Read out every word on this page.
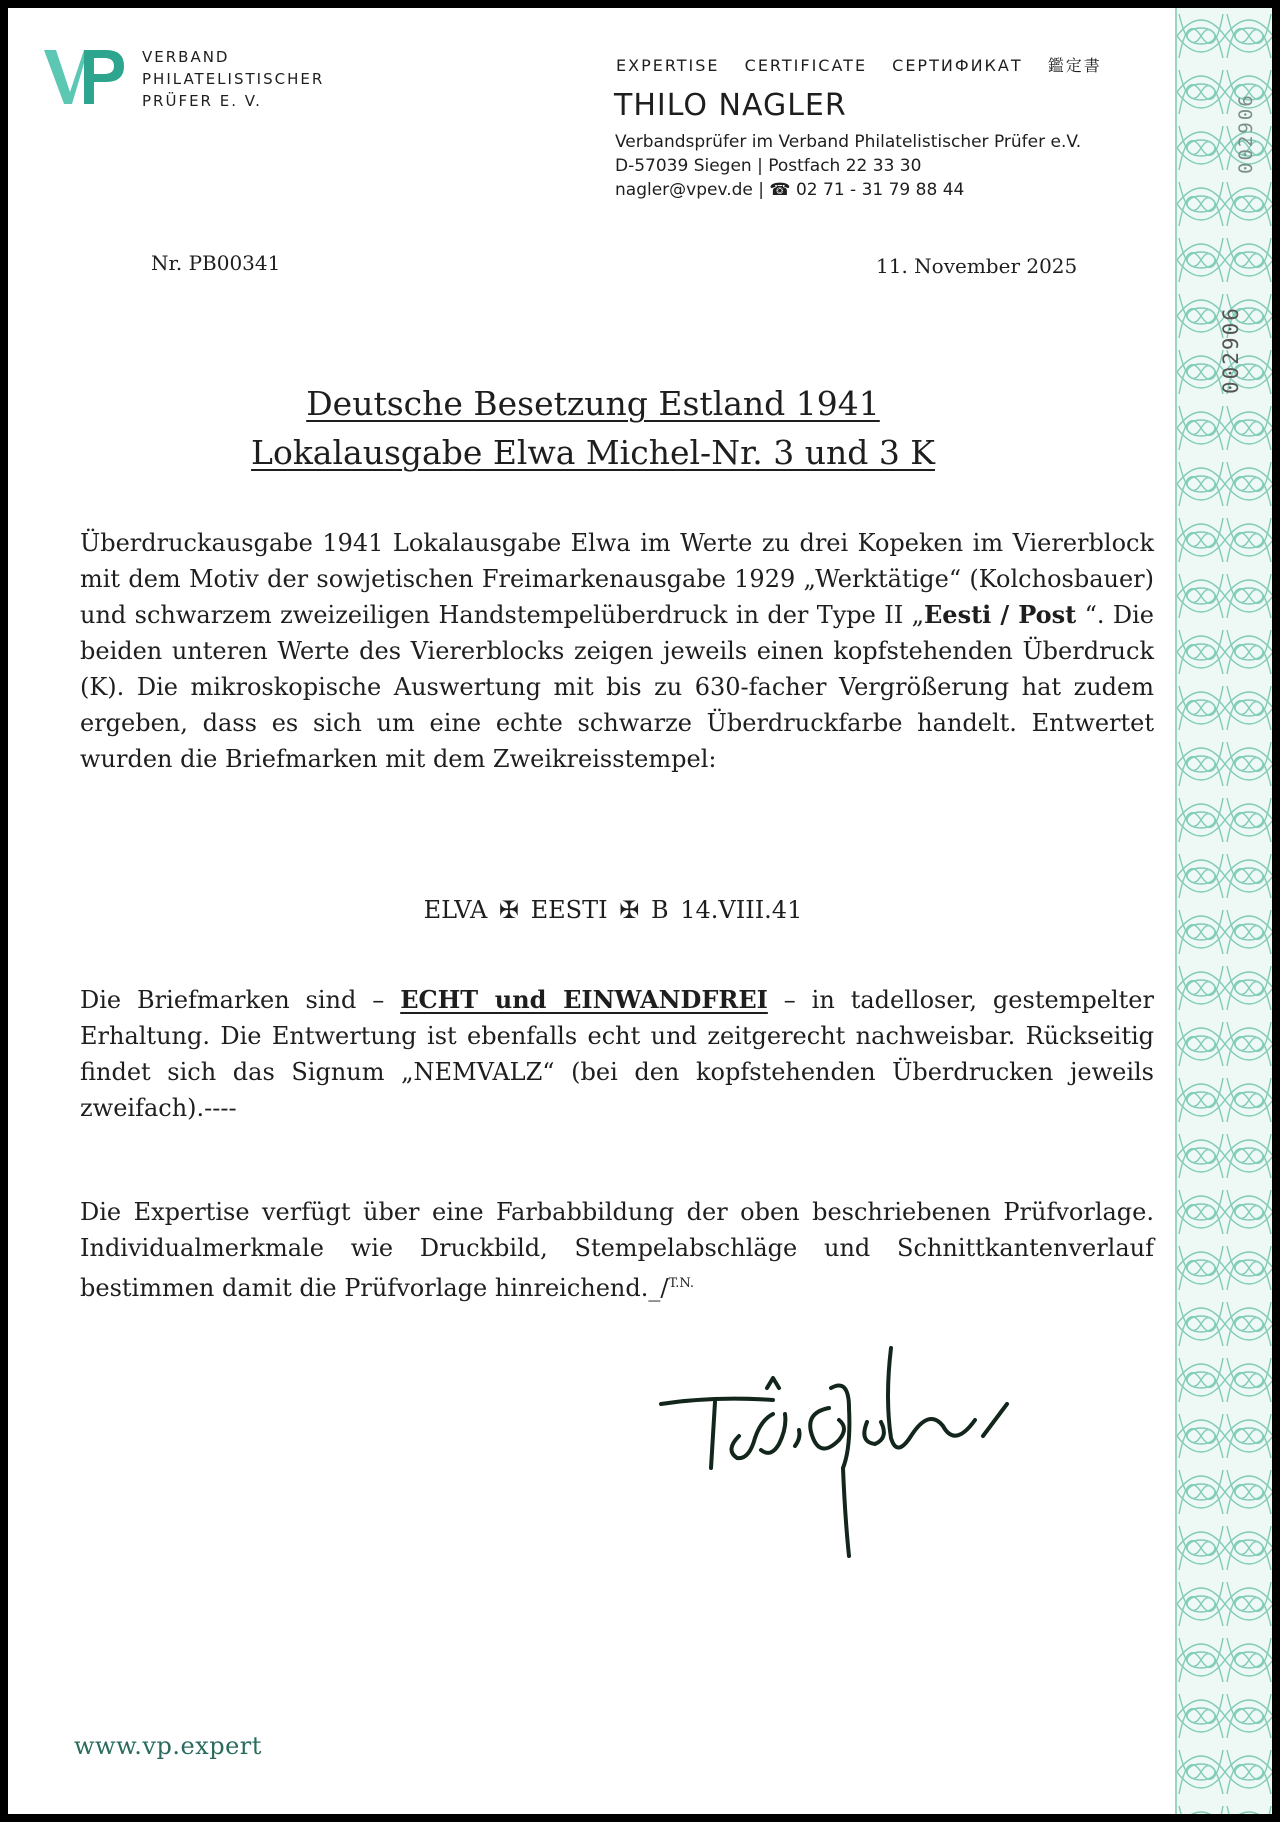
VERBAND
PHILATELISTISCHER
PRÜFER E. V.
EXPERTISE CERTIFICATE СЕРТИФИКАТ 鑑定書
THILO NAGLER
Verbandsprüfer im Verband Philatelistischer Prüfer e.V.
D-57039 Siegen | Postfach 22 33 30
nagler@vpev.de | ☎ 02 71 - 31 79 88 44
Nr. PB00341	11. November 2025
Deutsche Besetzung Estland 1941
Lokalausgabe Elwa Michel-Nr. 3 und 3 K
Überdruckausgabe 1941 Lokalausgabe Elwa im Werte zu drei Kopeken im Viererblock mit dem Motiv der sowjetischen Freimarkenausgabe 1929 „Werktätige“ (Kolchosbauer) und schwarzem zweizeiligen Handstempelüberdruck in der Type II „Eesti / Post “. Die beiden unteren Werte des Viererblocks zeigen jeweils einen kopfstehenden Überdruck (K). Die mikroskopische Auswertung mit bis zu 630-facher Vergrößerung hat zudem ergeben, dass es sich um eine echte schwarze Überdruckfarbe handelt. Entwertet wurden die Briefmarken mit dem Zweikreisstempel:
ELVA ✠ EESTI ✠ B 14.VIII.41
Die Briefmarken sind – ECHT und EINWANDFREI – in tadelloser, gestempelter Erhaltung. Die Entwertung ist ebenfalls echt und zeitgerecht nachweisbar. Rückseitig findet sich das Signum „NEMVALZ“ (bei den kopfstehenden Überdrucken jeweils zweifach).----
Die Expertise verfügt über eine Farbabbildung der oben beschriebenen Prüfvorlage. Individualmerkmale wie Druckbild, Stempelabschläge und Schnittkantenverlauf bestimmen damit die Prüfvorlage hinreichend._/$^{T.N.}$
www.vp.expert
002906
002906
